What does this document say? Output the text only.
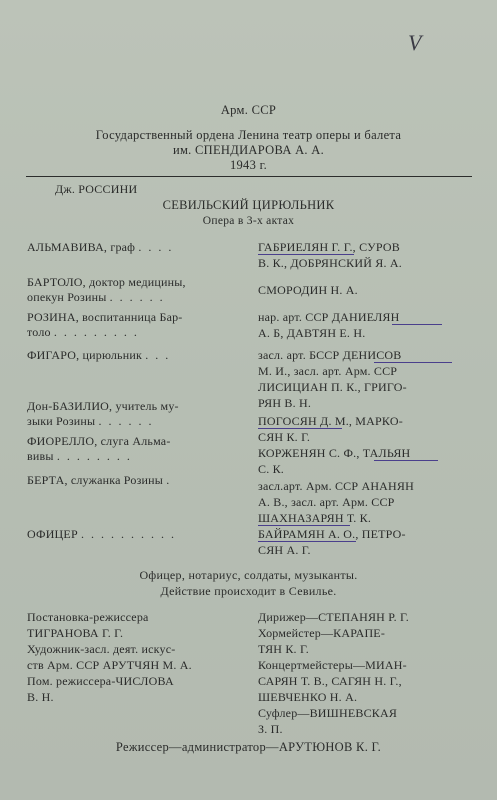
V
Арм. ССР
Государственный ордена Ленина театр оперы и балета
им. СПЕНДИАРОВА А. А.
1943 г.
Дж. РОССИНИ
СЕВИЛЬСКИЙ ЦИРЮЛЬНИК
Опера в 3-х актах
АЛЬМАВИВА, граф . . . .
БАРТОЛО, доктор медицины,
опекун Розины . . . . . .
РОЗИНА, воспитанница Бар-
толо . . . . . . . . .
ФИГАРО, цирюльник . . .
Дон-БАЗИЛИО, учитель му-
зыки Розины . . . . . .
ФИОРЕЛЛО, слуга Альма-
вивы . . . . . . . .
БЕРТА, служанка Розины .
ОФИЦЕР . . . . . . . . . .
ГАБРИЕЛЯН Г. Г., СУРОВ
В. К., ДОБРЯНСКИЙ Я. А.
СМОРОДИН Н. А.
нар. арт. ССР ДАНИЕЛЯН
А. Б, ДАВТЯН Е. Н.
засл. арт. БССР ДЕНИСОВ
М. И., засл. арт. Арм. ССР
ЛИСИЦИАН П. К., ГРИГО-
РЯН В. Н.
ПОГОСЯН Д. М., МАРКО-
СЯН К. Г.
КОРЖЕНЯН С. Ф., ТАЛЬЯН
С. К.
засл.арт. Арм. ССР АНАНЯН
А. В., засл. арт. Арм. ССР
ШАХНАЗАРЯН Т. К.
БАЙРАМЯН А. О., ПЕТРО-
СЯН А. Г.
Офицер, нотариус, солдаты, музыканты.
Действие происходит в Севилье.
Постановка-режиссера
ТИГРАНОВА Г. Г.
Художник-засл. деят. искус-
ств Арм. ССР АРУТЧЯН М. А.
Пом. режиссера-ЧИСЛОВА
В. Н.
Дирижер—СТЕПАНЯН Р. Г.
Хормейстер—КАРАПЕ-
ТЯН К. Г.
Концертмейстеры—МИАН-
САРЯН Т. В., САГЯН Н. Г.,
ШЕВЧЕНКО Н. А.
Суфлер—ВИШНЕВСКАЯ
З. П.
Режиссер—администратор—АРУТЮНОВ К. Г.
